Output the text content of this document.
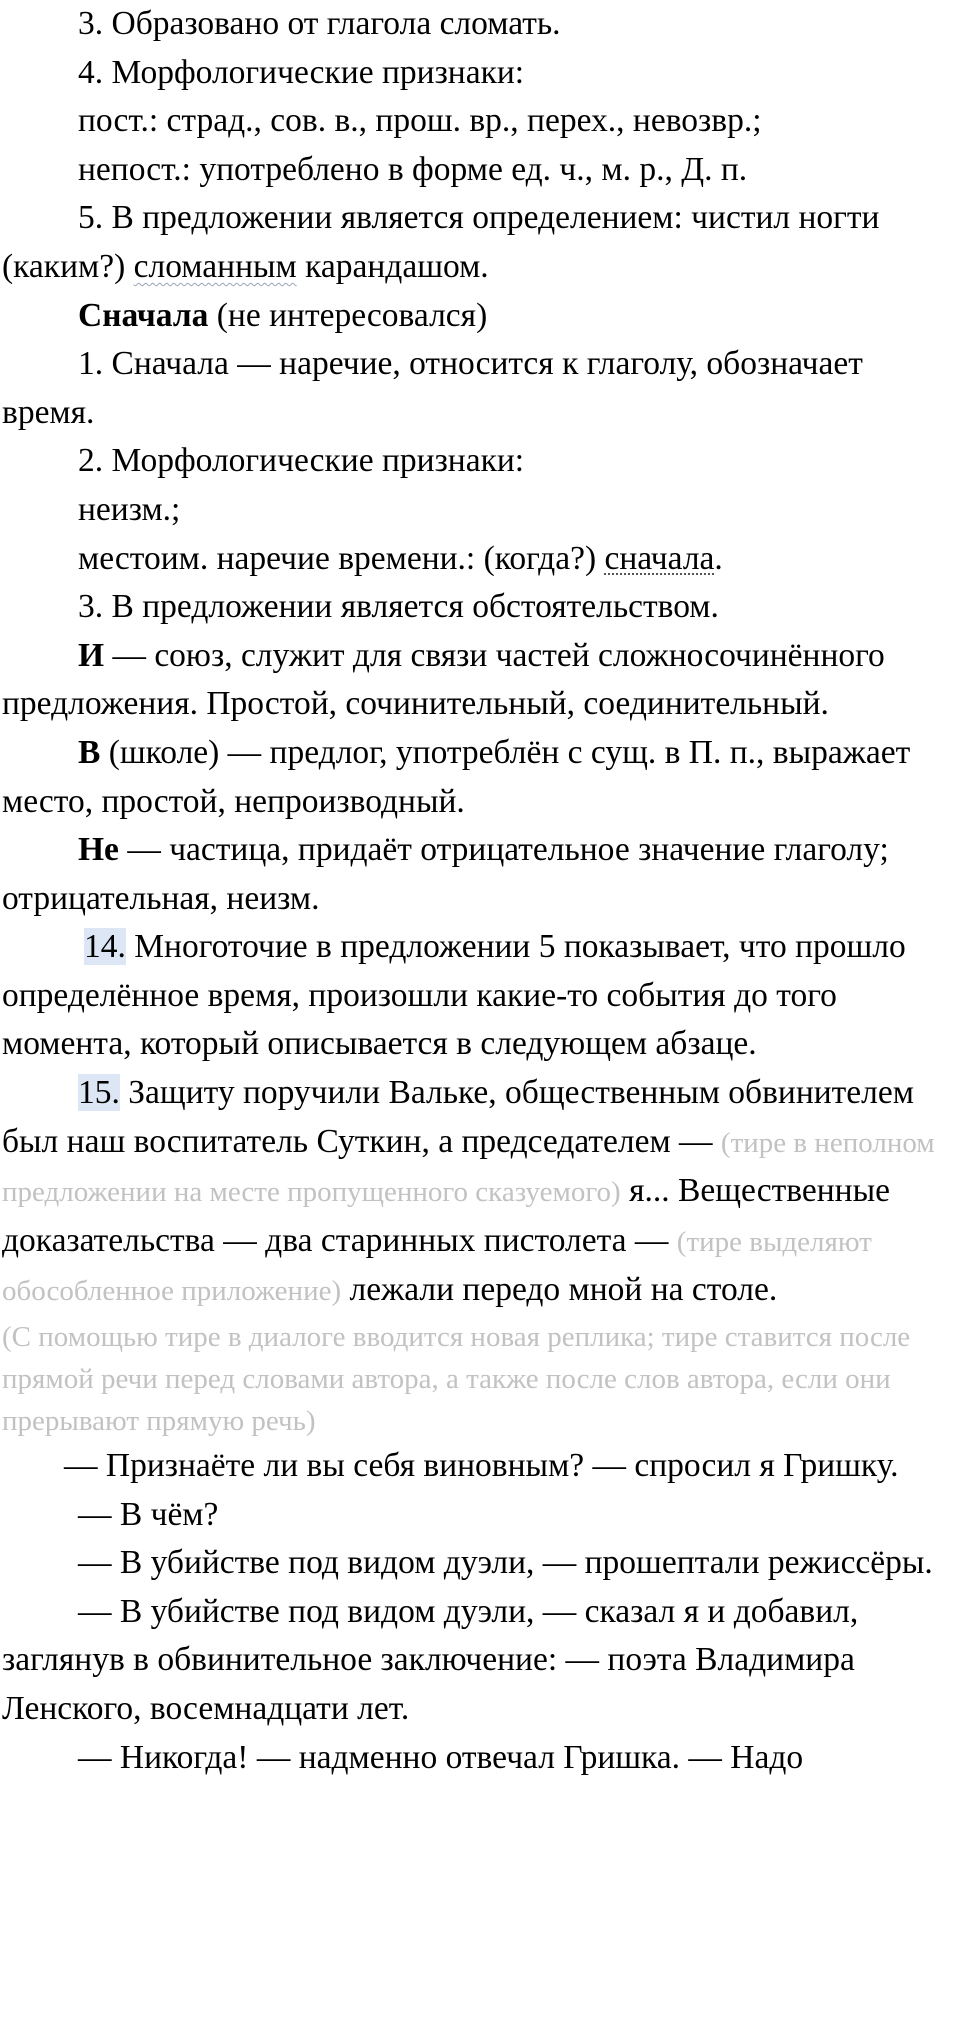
3. Образовано от глагола сломать.

4. Морфологические признаки:

пост.: страд., сов. в., прош. вр., перех., невозвр.;

непост.: употреблено в форме ед. ч., м. р., Д. п.

5. В предложении является определением: чистил ногти (каким?) сломанным карандашом.

Сначала (не интересовался)

1. Сначала — наречие, относится к глаголу, обозначает время.

2. Морфологические признаки:

неизм.;

местоим. наречие времени.: (когда?) сначала.

3. В предложении является обстоятельством.

И — союз, служит для связи частей сложносочинённого предложения. Простой, сочинительный, соединительный.

В (школе) — предлог, употреблён с сущ. в П. п., выражает место, простой, непроизводный.

Не — частица, придаёт отрицательное значение глаголу; отрицательная, неизм.

14. Многоточие в предложении 5 показывает, что прошло определённое время, произошли какие-то события до того момента, который описывается в следующем абзаце.

15. Защиту поручили Вальке, общественным обвинителем был наш воспитатель Суткин, а председателем — (тире в неполном предложении на месте пропущенного сказуемого) я... Вещественные доказательства — два старинных пистолета — (тире выделяют обособленное приложение) лежали передо мной на столе.

(С помощью тире в диалоге вводится новая реплика; тире ставится после прямой речи перед словами автора, а также после слов автора, если они прерывают прямую речь)

— Признаёте ли вы себя виновным? — спросил я Гришку.

— В чём?

— В убийстве под видом дуэли, — прошептали режиссёры.

— В убийстве под видом дуэли, — сказал я и добавил, заглянув в обвинительное заключение: — поэта Владимира Ленского, восемнадцати лет.

— Никогда! — надменно отвечал Гришка. — Надо
